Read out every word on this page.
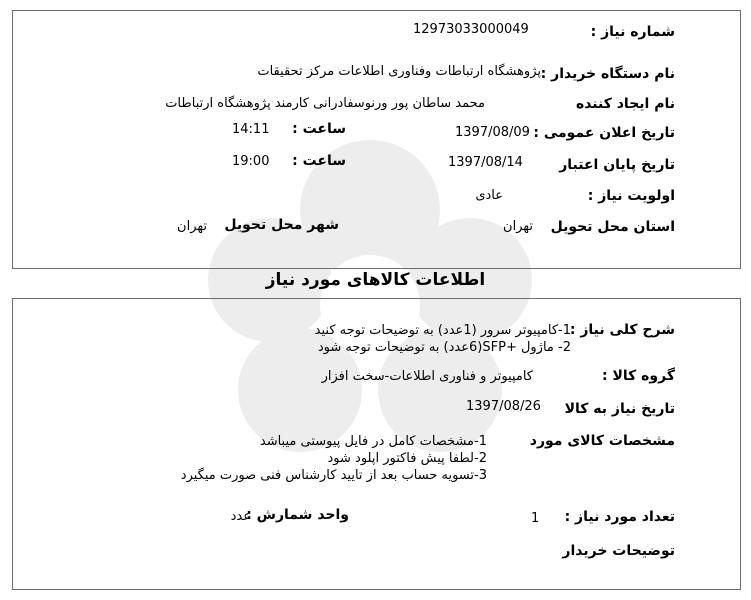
شماره نیاز :
12973033000049
نام دستگاه خریدار :
پژوهشگاه ارتباطات وفناوری اطلاعات مرکز تحقیقات
نام ایجاد کننده
محمد ساطان پور ورنوسفادرانی کارمند پژوهشگاه ارتباطات
تاریخ اعلان عمومی :
1397/08/09
ساعت :
14:11
تاریخ پایان اعتبار
1397/08/14
ساعت :
19:00
اولویت نیاز :
عادی
استان محل تحویل
تهران
شهر محل تحویل
تهران
اطلاعات کالاهای مورد نیاز
شرح کلی نیاز :
1-کامپیوتر سرور (1عدد) به توضیحات توجه کنید
2- ماژول +SFP(6عدد) به توضیحات توجه شود
گروه کالا :
کامپیوتر و فناوری اطلاعات-سخت افزار
تاریخ نیاز به کالا
1397/08/26
مشخصات کالای مورد
1-مشخصات کامل در فایل پیوستی میباشد
2-لطفا پیش فاکتور اپلود شود
3-تسویه حساب بعد از تایید کارشناس فنی صورت میگیرد
تعداد مورد نیاز :
1
واحد شمارش :
عدد
توضیحات خریدار
